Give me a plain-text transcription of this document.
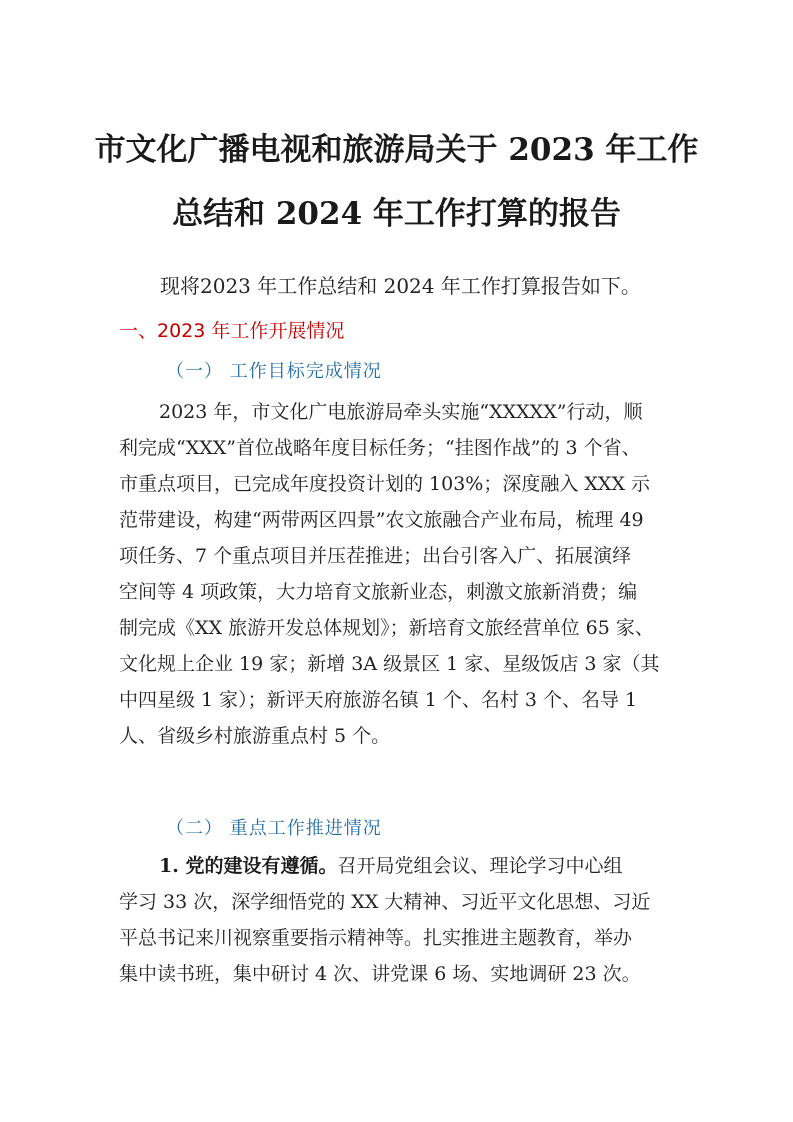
市文化广播电视和旅游局关于 2023 年工作
总结和 2024 年工作打算的报告
现将2023 年工作总结和 2024 年工作打算报告如下。
一、2023 年工作开展情况
（一） 工作目标完成情况
2023 年，市文化广电旅游局牵头实施“XXXXX”行动，顺
利完成“XXX”首位战略年度目标任务；“挂图作战”的 3 个省、
市重点项目，已完成年度投资计划的 103%；深度融入 XXX 示
范带建设，构建“两带两区四景”农文旅融合产业布局，梳理 49
项任务、7 个重点项目并压茬推进；出台引客入广、拓展演绎
空间等 4 项政策，大力培育文旅新业态，刺激文旅新消费；编
制完成《XX 旅游开发总体规划》；新培育文旅经营单位 65 家、
文化规上企业 19 家；新增 3A 级景区 1 家、星级饭店 3 家（其
中四星级 1 家）；新评天府旅游名镇 1 个、名村 3 个、名导 1
人、省级乡村旅游重点村 5 个。
（二） 重点工作推进情况
1. 党的建设有遵循。召开局党组会议、理论学习中心组
学习 33 次，深学细悟党的 XX 大精神、习近平文化思想、习近
平总书记来川视察重要指示精神等。扎实推进主题教育，举办
集中读书班，集中研讨 4 次、讲党课 6 场、实地调研 23 次。
